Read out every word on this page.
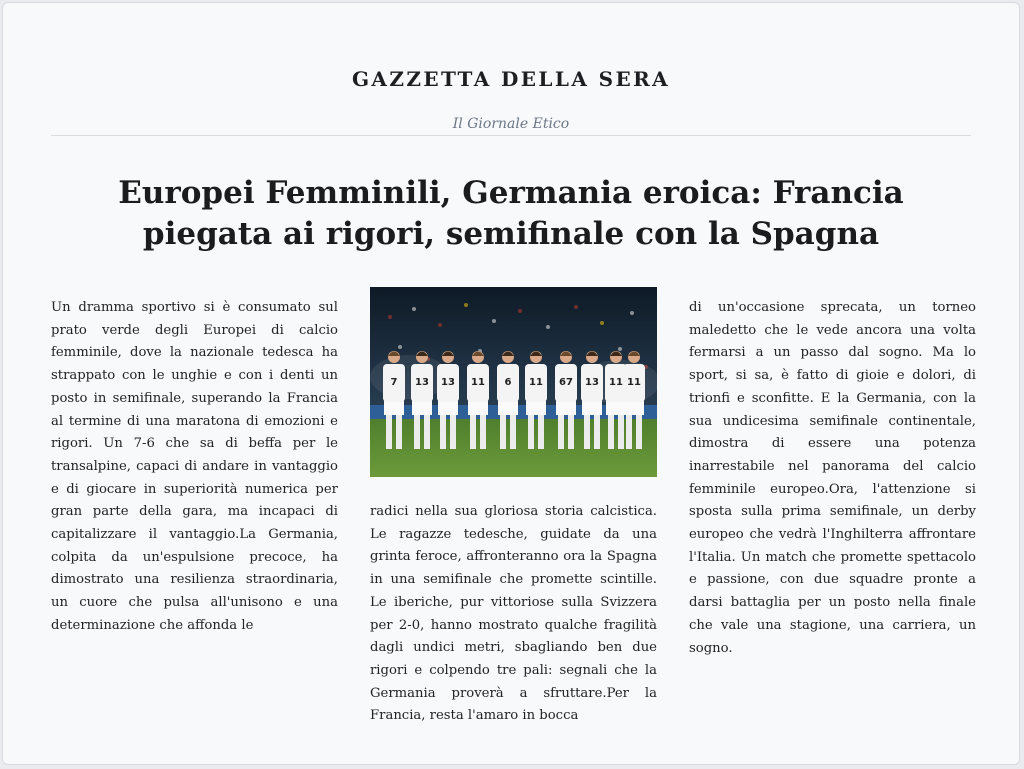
GAZZETTA DELLA SERA
Il Giornale Etico
Europei Femminili, Germania eroica: Francia
piegata ai rigori, semifinale con la Spagna

Un dramma sportivo si è consumato sul prato verde degli Europei di calcio femminile, dove la nazionale tedesca ha strappato con le unghie e con i denti un posto in semifinale, superando la Francia al termine di una maratona di emozioni e rigori. Un 7-6 che sa di beffa per le transalpine, capaci di andare in vantaggio e di giocare in superiorità numerica per gran parte della gara, ma incapaci di capitalizzare il vantaggio.La Germania, colpita da un'espulsione precoce, ha dimostrato una resilienza straordinaria, un cuore che pulsa all'unisono e una determinazione che affonda le

7 13 13 11 6 11 67 13 11 11

radici nella sua gloriosa storia calcistica. Le ragazze tedesche, guidate da una grinta feroce, affronteranno ora la Spagna in una semifinale che promette scintille. Le iberiche, pur vittoriose sulla Svizzera per 2-0, hanno mostrato qualche fragilità dagli undici metri, sbagliando ben due rigori e colpendo tre pali: segnali che la Germania proverà a sfruttare.Per la Francia, resta l'amaro in bocca

di un'occasione sprecata, un torneo maledetto che le vede ancora una volta fermarsi a un passo dal sogno. Ma lo sport, si sa, è fatto di gioie e dolori, di trionfi e sconfitte. E la Germania, con la sua undicesima semifinale continentale, dimostra di essere una potenza inarrestabile nel panorama del calcio femminile europeo.Ora, l'attenzione si sposta sulla prima semifinale, un derby europeo che vedrà l'Inghilterra affrontare l'Italia. Un match che promette spettacolo e passione, con due squadre pronte a darsi battaglia per un posto nella finale che vale una stagione, una carriera, un sogno.
